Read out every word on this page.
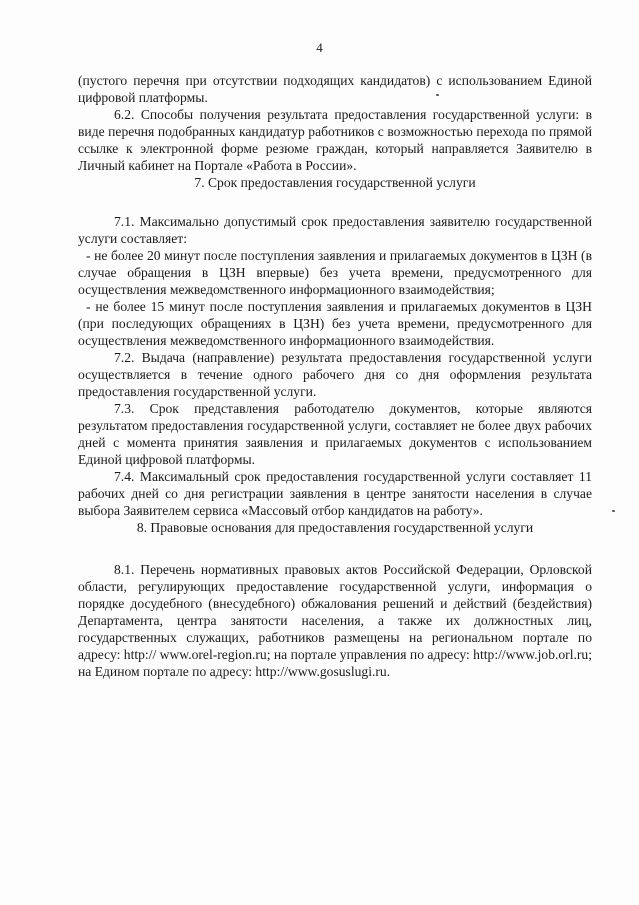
4

(пустого перечня при отсутствии подходящих кандидатов) с использованием Единой цифровой платформы.

6.2. Способы получения результата предоставления государственной услуги: в виде перечня подобранных кандидатур работников с возможностью перехода по прямой ссылке к электронной форме резюме граждан, который направляется Заявителю в Личный кабинет на Портале «Работа в России».

7. Срок предоставления государственной услуги

7.1. Максимально допустимый срок предоставления заявителю государственной услуги составляет:

- не более 20 минут после поступления заявления и прилагаемых документов в ЦЗН (в случае обращения в ЦЗН впервые) без учета времени, предусмотренного для осуществления межведомственного информационного взаимодействия;

- не более 15 минут после поступления заявления и прилагаемых документов в ЦЗН (при последующих обращениях в ЦЗН) без учета времени, предусмотренного для осуществления межведомственного информационного взаимодействия.

7.2. Выдача (направление) результата предоставления государственной услуги осуществляется в течение одного рабочего дня со дня оформления результата предоставления государственной услуги.

7.3. Срок представления работодателю документов, которые являются результатом предоставления государственной услуги, составляет не более двух рабочих дней с момента принятия заявления и прилагаемых документов с использованием Единой цифровой платформы.

7.4. Максимальный срок предоставления государственной услуги составляет 11 рабочих дней со дня регистрации заявления в центре занятости населения в случае выбора Заявителем сервиса «Массовый отбор кандидатов на работу».

8. Правовые основания для предоставления государственной услуги

8.1. Перечень нормативных правовых актов Российской Федерации, Орловской области, регулирующих предоставление государственной услуги, информация о порядке досудебного (внесудебного) обжалования решений и действий (бездействия) Департамента, центра занятости населения, а также их должностных лиц, государственных служащих, работников размещены на региональном портале по адресу: http:// www.orel-region.ru; на портале управления по адресу: http://www.job.orl.ru; на Едином портале по адресу: http://www.gosuslugi.ru.
